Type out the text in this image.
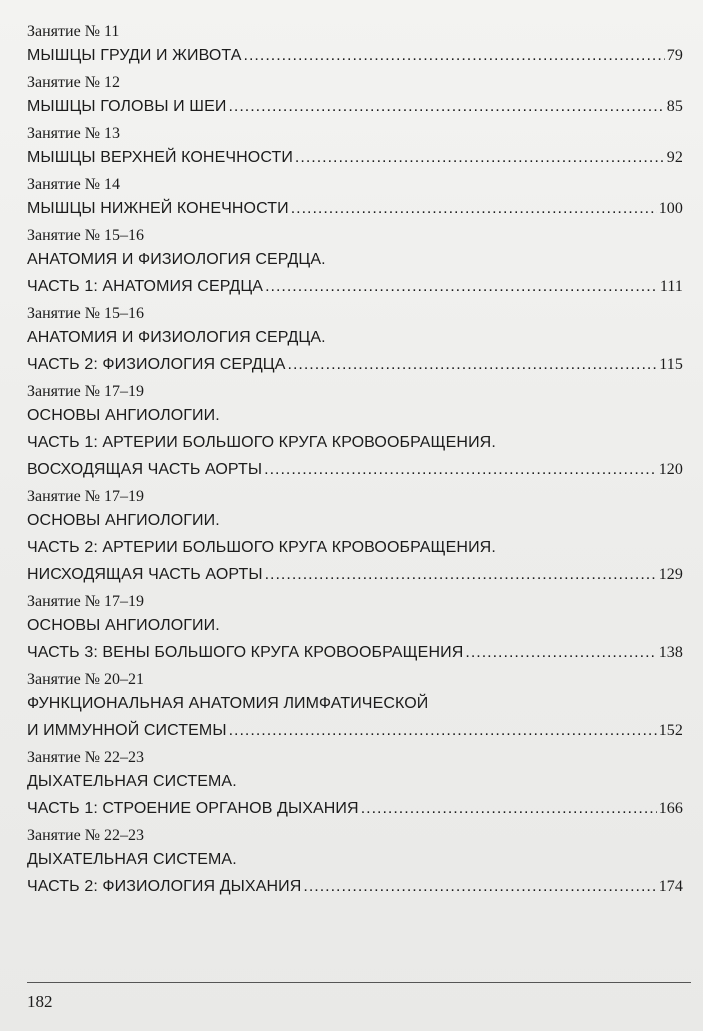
Занятие № 11
МЫШЦЫ ГРУДИ И ЖИВОТА .....	79
Занятие № 12
МЫШЦЫ ГОЛОВЫ И ШЕИ .....	85
Занятие № 13
МЫШЦЫ ВЕРХНЕЙ КОНЕЧНОСТИ .....	92
Занятие № 14
МЫШЦЫ НИЖНЕЙ КОНЕЧНОСТИ .....	100
Занятие № 15–16
АНАТОМИЯ И ФИЗИОЛОГИЯ СЕРДЦА.
ЧАСТЬ 1: АНАТОМИЯ СЕРДЦА .....	111
Занятие № 15–16
АНАТОМИЯ И ФИЗИОЛОГИЯ СЕРДЦА.
ЧАСТЬ 2: ФИЗИОЛОГИЯ СЕРДЦА .....	115
Занятие № 17–19
ОСНОВЫ АНГИОЛОГИИ.
ЧАСТЬ 1: АРТЕРИИ БОЛЬШОГО КРУГА КРОВООБРАЩЕНИЯ.
ВОСХОДЯЩАЯ ЧАСТЬ АОРТЫ .....	120
Занятие № 17–19
ОСНОВЫ АНГИОЛОГИИ.
ЧАСТЬ 2: АРТЕРИИ БОЛЬШОГО КРУГА КРОВООБРАЩЕНИЯ.
НИСХОДЯЩАЯ ЧАСТЬ АОРТЫ .....	129
Занятие № 17–19
ОСНОВЫ АНГИОЛОГИИ.
ЧАСТЬ 3: ВЕНЫ БОЛЬШОГО КРУГА КРОВООБРАЩЕНИЯ .....	138
Занятие № 20–21
ФУНКЦИОНАЛЬНАЯ АНАТОМИЯ ЛИМФАТИЧЕСКОЙ
И ИММУННОЙ СИСТЕМЫ .....	152
Занятие № 22–23
ДЫХАТЕЛЬНАЯ СИСТЕМА.
ЧАСТЬ 1: СТРОЕНИЕ ОРГАНОВ ДЫХАНИЯ .....	166
Занятие № 22–23
ДЫХАТЕЛЬНАЯ СИСТЕМА.
ЧАСТЬ 2: ФИЗИОЛОГИЯ ДЫХАНИЯ .....	174
182
